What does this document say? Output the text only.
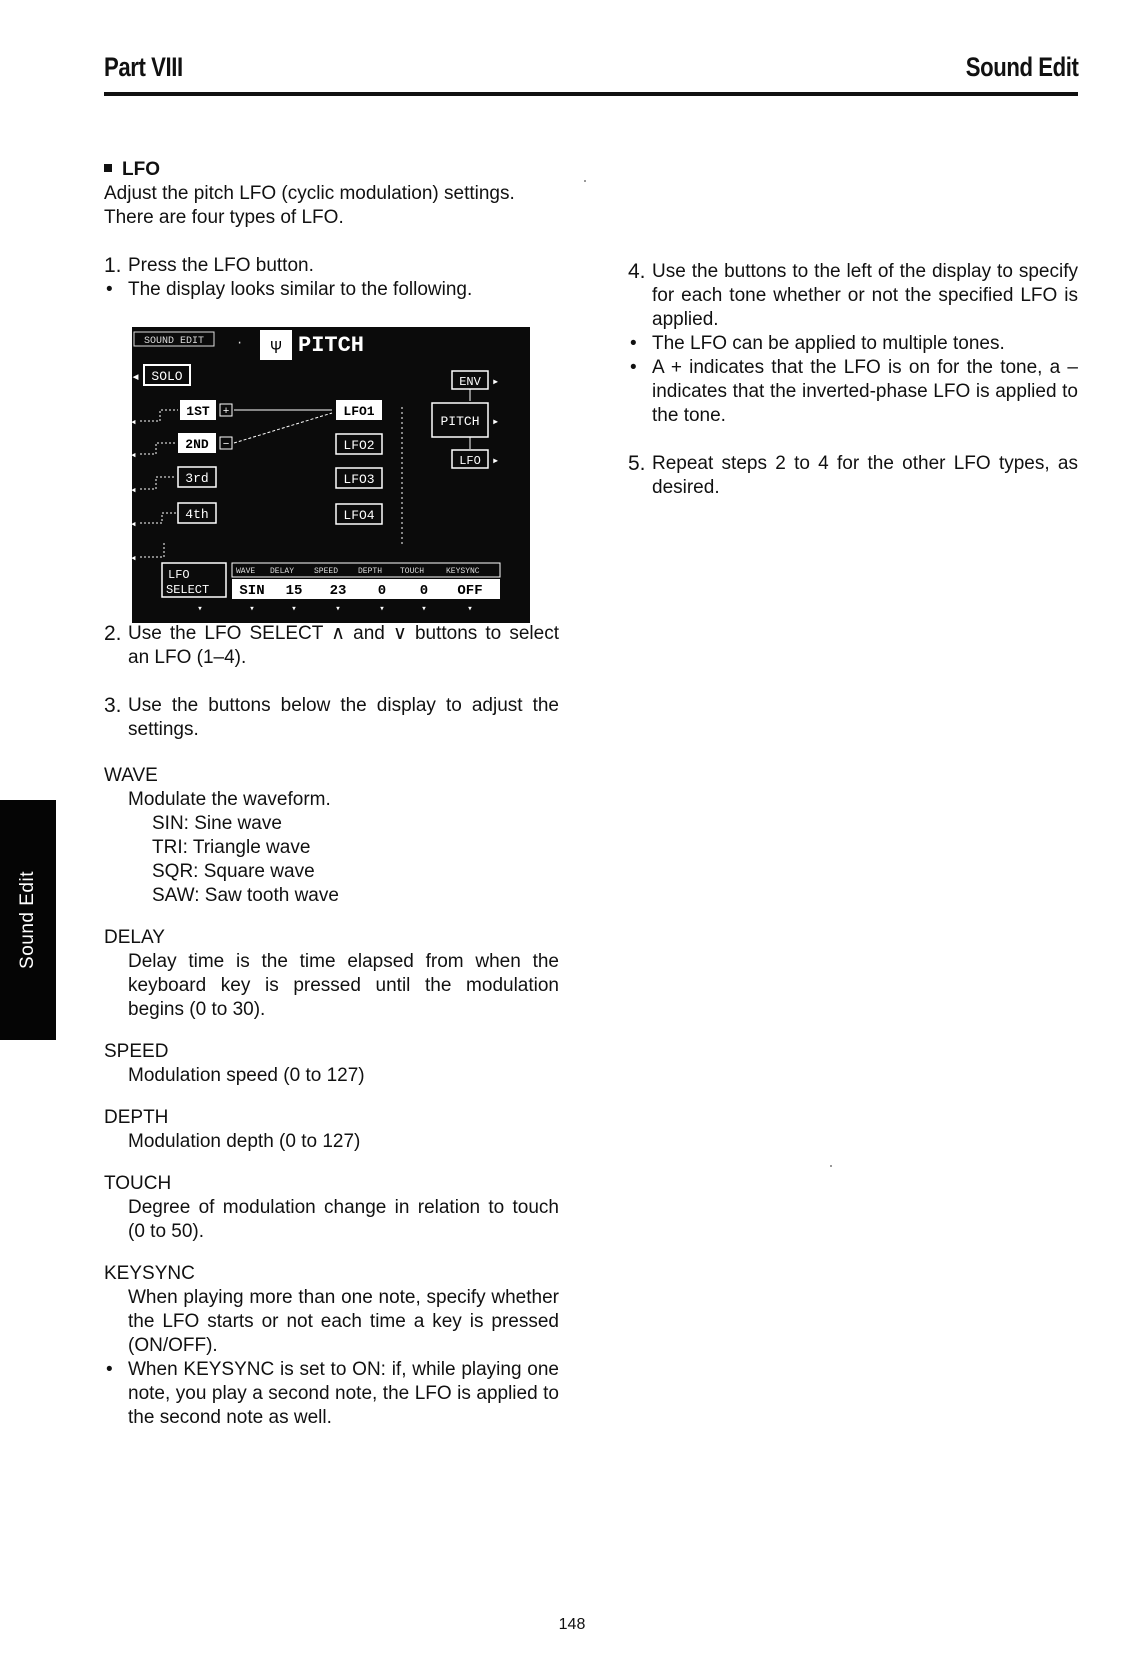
Part VIII	Sound Edit

LFO

Adjust the pitch LFO (cyclic modulation) settings.

There are four types of LFO.

1. Press the LFO button.

• The display looks similar to the following.

2. Use the LFO SELECT ∧ and ∨ buttons to select an LFO (1–4).

3. Use the buttons below the display to adjust the settings.

WAVE

Modulate the waveform.

SIN: Sine wave

TRI: Triangle wave

SQR: Square wave

SAW: Saw tooth wave

DELAY

Delay time is the time elapsed from when the keyboard key is pressed until the modulation begins (0 to 30).

SPEED

Modulation speed (0 to 127)

DEPTH

Modulation depth (0 to 127)

TOUCH

Degree of modulation change in relation to touch (0 to 50).

KEYSYNC

When playing more than one note, specify whether the LFO starts or not each time a key is pressed (ON/OFF).

• When KEYSYNC is set to ON: if, while playing one note, you play a second note, the LFO is applied to the second note as well.

SOUND EDIT	· Ψ PITCH
◂ SOLO
1ST
2ND
3rd
4th
◂
◂
◂
◂
◂
+
−
LFO1
LFO2
LFO3
LFO4
ENV ▸
PITCH ▸
LFO ▸
LFO
SELECT
WAVE DELAY SPEED DEPTH TOUCH	KEYSYNC
SIN 15 23 0 0 OFF
▾	▾	▾	▾	▾	▾	▾
4. Use the buttons to the left of the display to specify for each tone whether or not the specified LFO is applied.

• The LFO can be applied to multiple tones.

• A + indicates that the LFO is on for the tone, a – indicates that the inverted-phase LFO is applied to the tone.

5. Repeat steps 2 to 4 for the other LFO types, as desired.

Sound Edit
148
